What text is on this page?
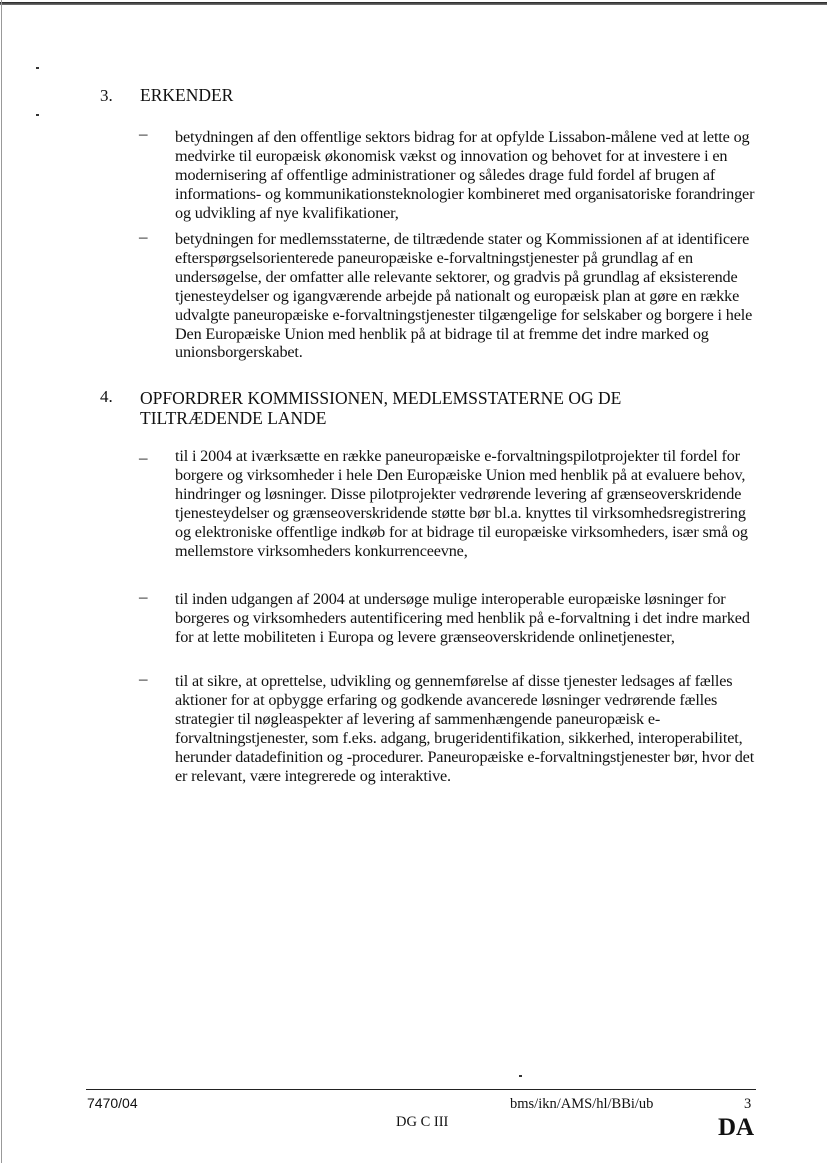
3. ERKENDER
– betydningen af den offentlige sektors bidrag for at opfylde Lissabon-målene ved at lette og medvirke til europæisk økonomisk vækst og innovation og behovet for at investere i en modernisering af offentlige administrationer og således drage fuld fordel af brugen af informations- og kommunikationsteknologier kombineret med organisatoriske forandringer og udvikling af nye kvalifikationer,
– betydningen for medlemsstaterne, de tiltrædende stater og Kommissionen af at identificere efterspørgselsorienterede paneuropæiske e-forvaltningstjenester på grundlag af en undersøgelse, der omfatter alle relevante sektorer, og gradvis på grundlag af eksisterende tjenesteydelser og igangværende arbejde på nationalt og europæisk plan at gøre en række udvalgte paneuropæiske e-forvaltningstjenester tilgængelige for selskaber og borgere i hele Den Europæiske Union med henblik på at bidrage til at fremme det indre marked og unionsborgerskabet.
4. OPFORDRER KOMMISSIONEN, MEDLEMSSTATERNE OG DE TILTRÆDENDE LANDE
– til i 2004 at iværksætte en række paneuropæiske e-forvaltningspilotprojekter til fordel for borgere og virksomheder i hele Den Europæiske Union med henblik på at evaluere behov, hindringer og løsninger. Disse pilotprojekter vedrørende levering af grænseoverskridende tjenesteydelser og grænseoverskridende støtte bør bl.a. knyttes til virksomhedsregistrering og elektroniske offentlige indkøb for at bidrage til europæiske virksomheders, især små og mellemstore virksomheders konkurrenceevne,
– til inden udgangen af 2004 at undersøge mulige interoperable europæiske løsninger for borgeres og virksomheders autentificering med henblik på e-forvaltning i det indre marked for at lette mobiliteten i Europa og levere grænseoverskridende onlinetjenester,
– til at sikre, at oprettelse, udvikling og gennemførelse af disse tjenester ledsages af fælles aktioner for at opbygge erfaring og godkende avancerede løsninger vedrørende fælles strategier til nøgleaspekter af levering af sammenhængende paneuropæisk e-forvaltningstjenester, som f.eks. adgang, brugeridentifikation, sikkerhed, interoperabilitet, herunder datadefinition og -procedurer. Paneuropæiske e-forvaltningstjenester bør, hvor det er relevant, være integrerede og interaktive.
7470/04	bms/ikn/AMS/hl/BBi/ub	3
DG C III	DA
